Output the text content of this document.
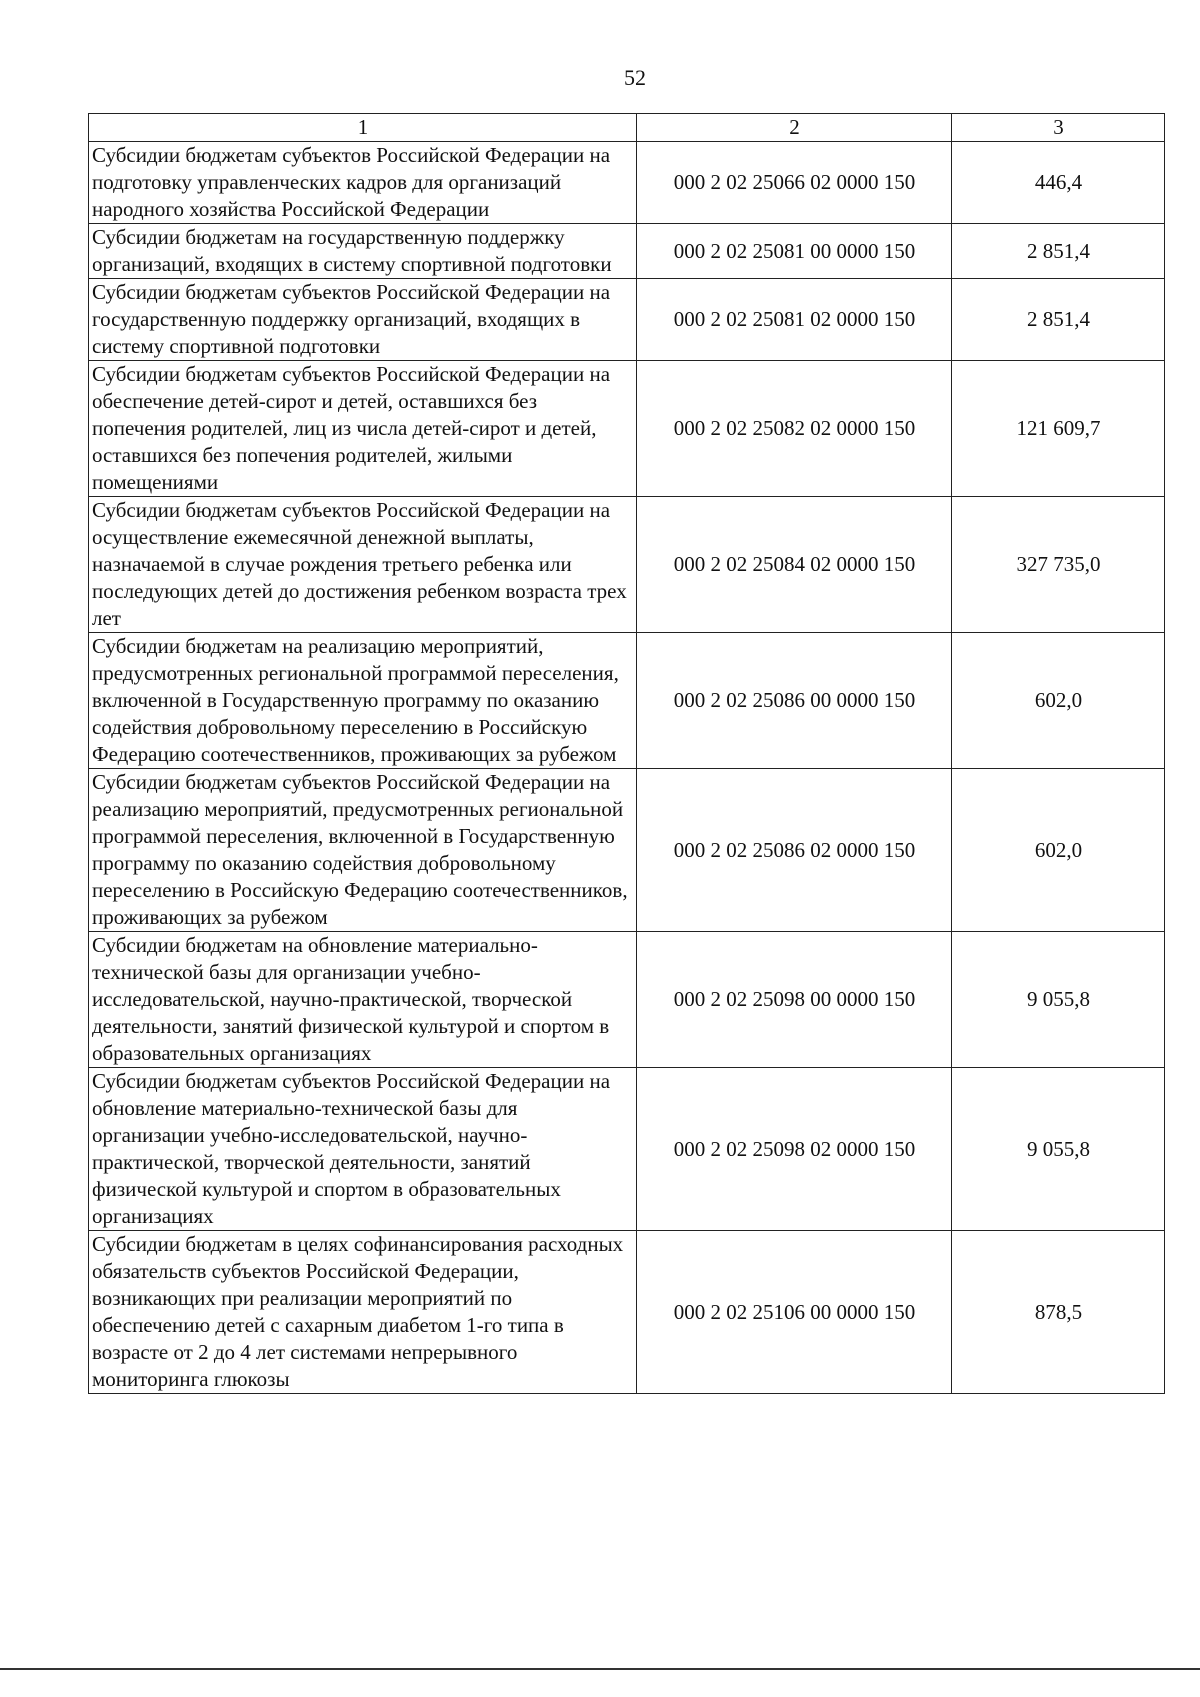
52
1	2	3
Субсидии бюджетам субъектов Российской Федерации на подготовку управленческих кадров для организаций народного хозяйства Российской Федерации	000 2 02 25066 02 0000 150	446,4
Субсидии бюджетам на государственную поддержку организаций, входящих в систему спортивной подготовки	000 2 02 25081 00 0000 150	2 851,4
Субсидии бюджетам субъектов Российской Федерации на государственную поддержку организаций, входящих в систему спортивной подготовки	000 2 02 25081 02 0000 150	2 851,4
Субсидии бюджетам субъектов Российской Федерации на обеспечение детей-сирот и детей, оставшихся без попечения родителей, лиц из числа детей-сирот и детей, оставшихся без попечения родителей, жилыми помещениями	000 2 02 25082 02 0000 150	121 609,7
Субсидии бюджетам субъектов Российской Федерации на осуществление ежемесячной денежной выплаты, назначаемой в случае рождения третьего ребенка или последующих детей до достижения ребенком возраста трех лет	000 2 02 25084 02 0000 150	327 735,0
Субсидии бюджетам на реализацию мероприятий, предусмотренных региональной программой переселения, включенной в Государственную программу по оказанию содействия добровольному переселению в Российскую Федерацию соотечественников, проживающих за рубежом	000 2 02 25086 00 0000 150	602,0
Субсидии бюджетам субъектов Российской Федерации на реализацию мероприятий, предусмотренных региональной программой переселения, включенной в Государственную программу по оказанию содействия добровольному переселению в Российскую Федерацию соотечественников, проживающих за рубежом	000 2 02 25086 02 0000 150	602,0
Субсидии бюджетам на обновление материально-технической базы для организации учебно-исследовательской, научно-практической, творческой деятельности, занятий физической культурой и спортом в образовательных организациях	000 2 02 25098 00 0000 150	9 055,8
Субсидии бюджетам субъектов Российской Федерации на обновление материально-технической базы для организации учебно-исследовательской, научно-практической, творческой деятельности, занятий физической культурой и спортом в образовательных организациях	000 2 02 25098 02 0000 150	9 055,8
Субсидии бюджетам в целях софинансирования расходных обязательств субъектов Российской Федерации, возникающих при реализации мероприятий по обеспечению детей с сахарным диабетом 1-го типа в возрасте от 2 до 4 лет системами непрерывного мониторинга глюкозы	000 2 02 25106 00 0000 150	878,5
